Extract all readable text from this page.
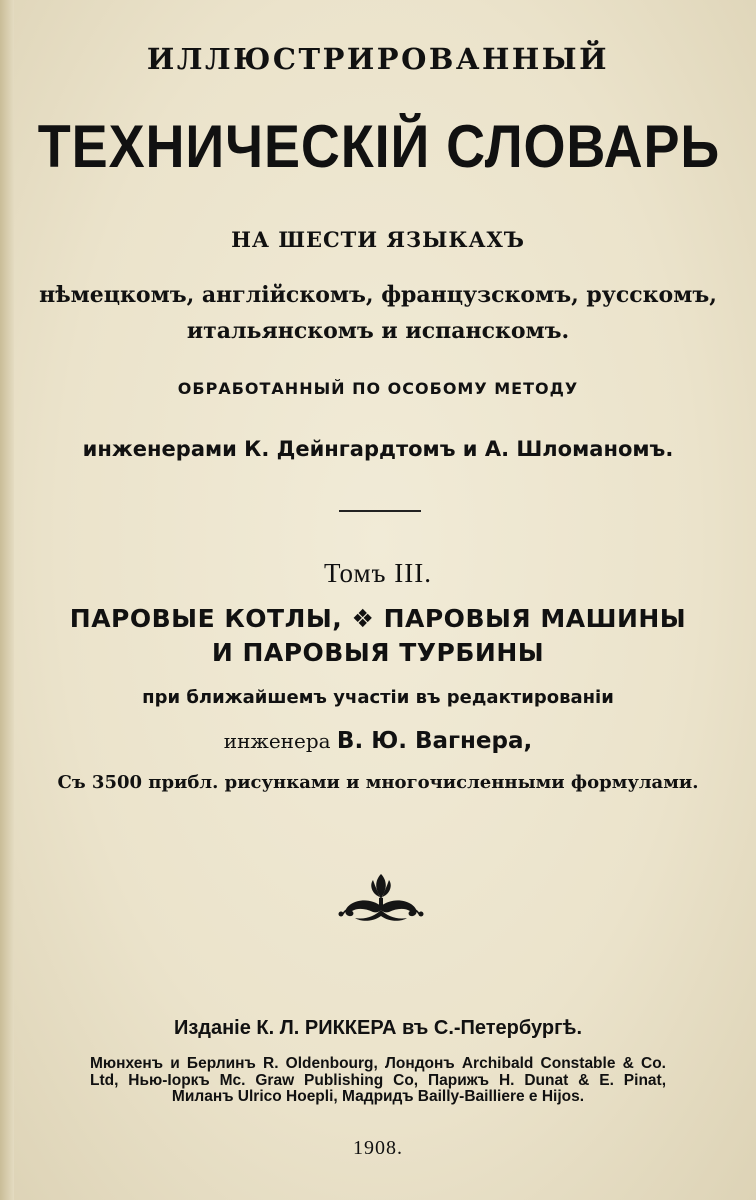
ИЛЛЮСТРИРОВАННЫЙ
ТЕХНИЧЕСКІЙ СЛОВАРЬ
НА ШЕСТИ ЯЗЫКАХЪ
нѣмецкомъ, англійскомъ, французскомъ, русскомъ,
итальянскомъ и испанскомъ.
ОБРАБОТАННЫЙ ПО ОСОБОМУ МЕТОДУ
инженерами К. Дейнгардтомъ и А. Шломаномъ.
Томъ III.
ПАРОВЫЕ КОТЛЫ, ❖ ПАРОВЫЯ МАШИНЫ
И ПАРОВЫЯ ТУРБИНЫ
при ближайшемъ участіи въ редактированіи
инженера В. Ю. Вагнера,
Съ 3500 прибл. рисунками и многочисленными формулами.
Изданіе К. Л. РИККЕРА въ С.-Петербургѣ.
Мюнхенъ и Берлинъ R. Oldenbourg, Лондонъ Archibald Constable & Co. Ltd, Нью-Іоркъ Mc. Graw Publishing Co, Парижъ H. Dunat & E. Pinat, Миланъ Ulrico Hoepli, Мадридъ Bailly-Bailliere e Hijos.
1908.
